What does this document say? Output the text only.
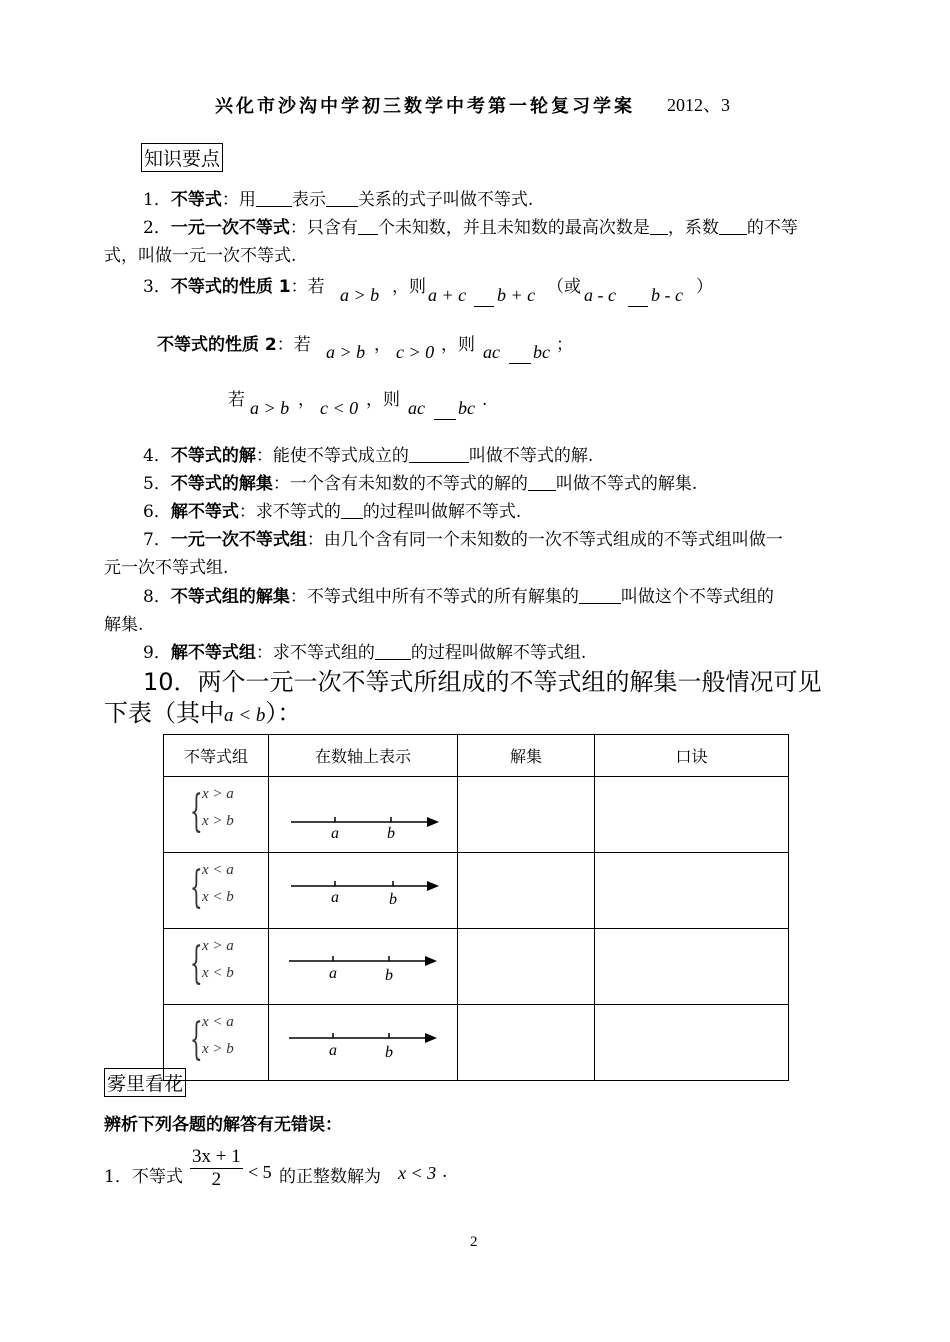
兴化市沙沟中学初三数学中考第一轮复习学案 2012、3
知识要点
1．不等式：用 表示 关系的式子叫做不等式.
2．一元一次不等式：只含有 个未知数，并且未知数的最高次数是 ，系数 的不等
式，叫做一元一次不等式.
3．不等式的性质 1：若 a > b ，则 a + c b + c （或 a - c b - c ）
不等式的性质 2：若 a > b ， c > 0 ，则 ac bc ；
若 a > b ， c < 0 ，则 ac bc .
4．不等式的解：能使不等式成立的	叫做不等式的解.
5．不等式的解集：一个含有未知数的不等式的解的 叫做不等式的解集.
6．解不等式：求不等式的 的过程叫做解不等式.
7．一元一次不等式组：由几个含有同一个未知数的一次不等式组成的不等式组叫做一
元一次不等式组.
8．不等式组的解集：不等式组中所有不等式的所有解集的 叫做这个不等式组的
解集.
9．解不等式组：求不等式组的 的过程叫做解不等式组.
10．两个一元一次不等式所组成的不等式组的解集一般情况可见
下表（其中a < b）：
不等式组	在数轴上表示	解集	口诀

{ x > a
x > b	a b		

{ x < a
x < b	a b		

{ x > a
x < b	a b		

{ x < a
x > b	a b		

雾里看花
辨析下列各题的解答有无错误：
1．不等式 $\frac{3x + 1}{2} < 5$ 的正整数解为 x < 3 .
2
